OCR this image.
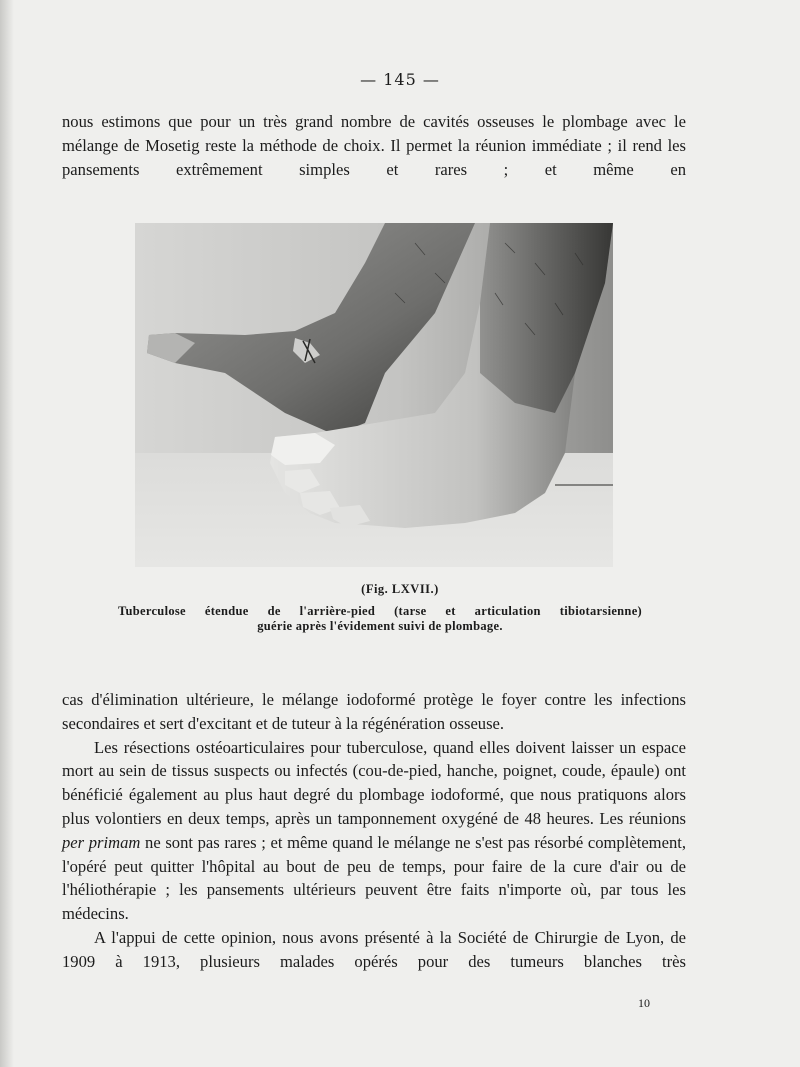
— 145 —

nous estimons que pour un très grand nombre de cavités osseuses le plombage avec le mélange de Mosetig reste la méthode de choix. Il permet la réunion immédiate ; il rend les pansements extrêmement simples et rares ; et même en

(Fig. LXVII.)
Tuberculose étendue de l'arrière-pied (tarse et articulation tibiotarsienne)
guérie après l'évidement suivi de plombage.

cas d'élimination ultérieure, le mélange iodoformé protège le foyer contre les infections secondaires et sert d'excitant et de tuteur à la régénération osseuse.

Les résections ostéoarticulaires pour tuberculose, quand elles doivent laisser un espace mort au sein de tissus suspects ou infectés (cou-de-pied, hanche, poignet, coude, épaule) ont bénéficié également au plus haut degré du plombage iodoformé, que nous pratiquons alors plus volontiers en deux temps, après un tamponnement oxygéné de 48 heures. Les réunions per primam ne sont pas rares ; et même quand le mélange ne s'est pas résorbé complètement, l'opéré peut quitter l'hôpital au bout de peu de temps, pour faire de la cure d'air ou de l'héliothérapie ; les pansements ultérieurs peuvent être faits n'importe où, par tous les médecins.

A l'appui de cette opinion, nous avons présenté à la Société de Chirurgie de Lyon, de 1909 à 1913, plusieurs malades opérés pour des tumeurs blanches très

10
